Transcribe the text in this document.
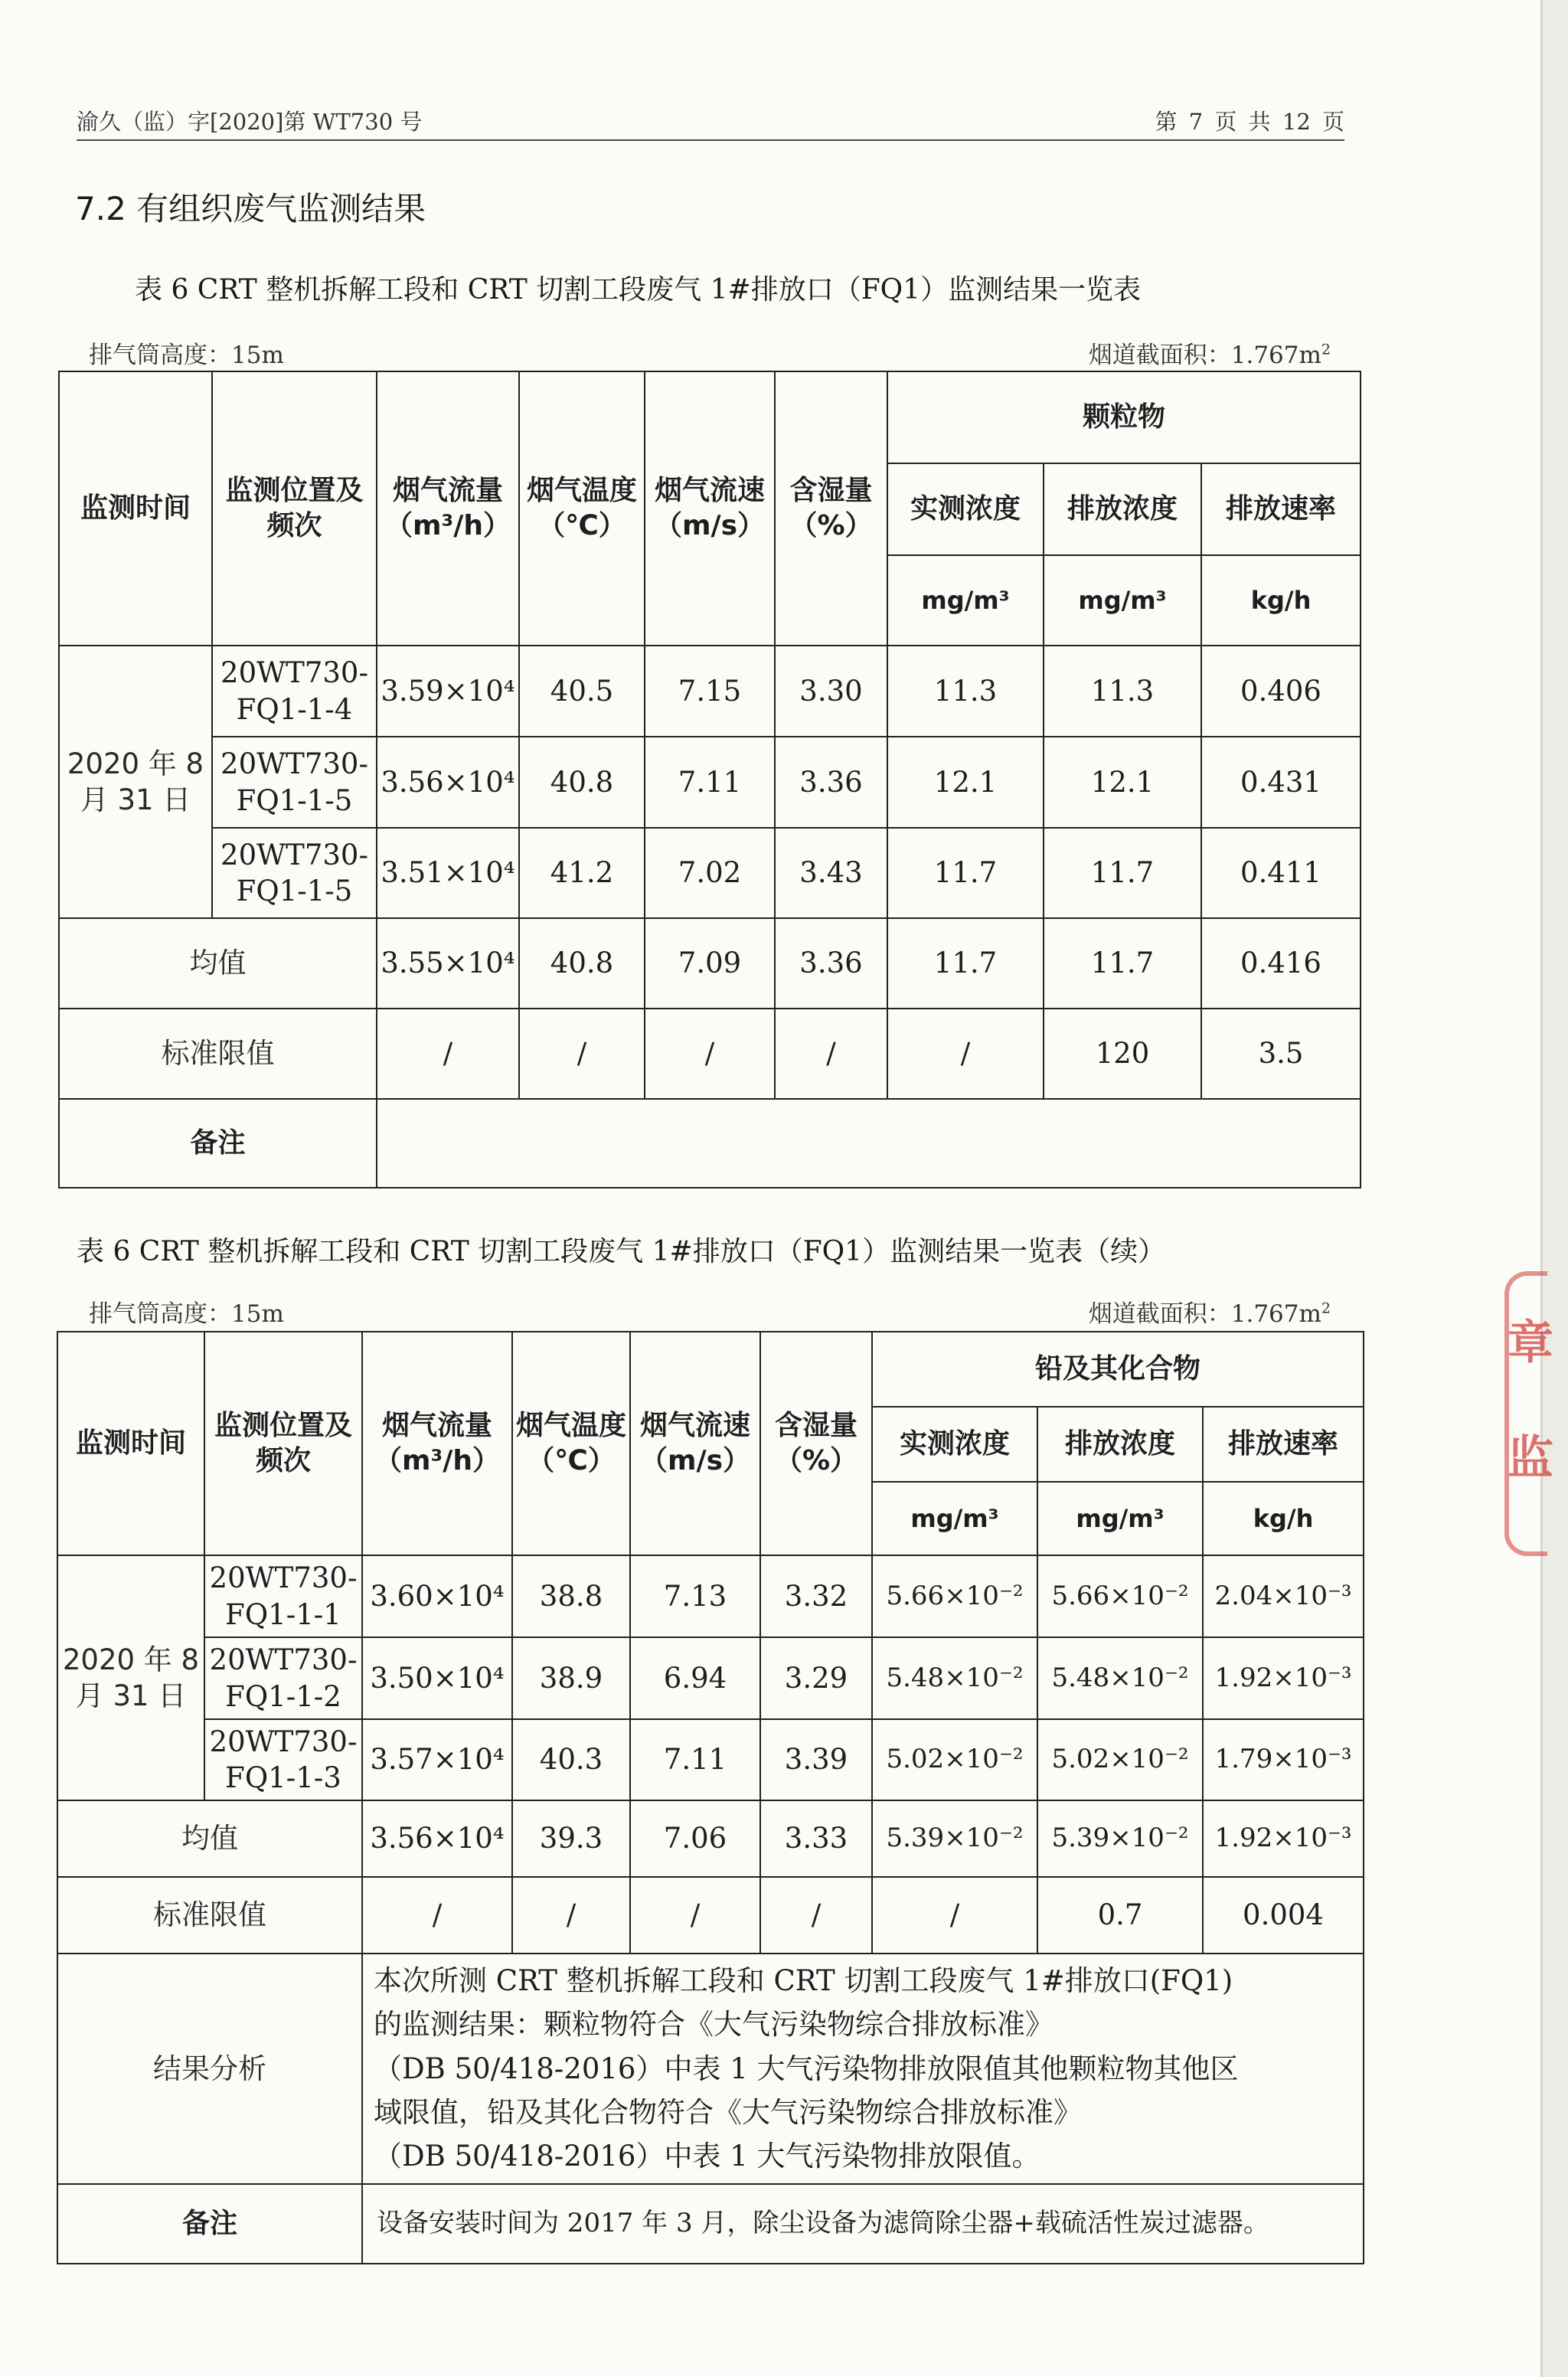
渝久（监）字[2020]第 WT730 号	第 7 页 共 12 页
7.2 有组织废气监测结果
表 6 CRT 整机拆解工段和 CRT 切割工段废气 1#排放口（FQ1）监测结果一览表
排气筒高度：15m	烟道截面积：$1.767m^2$
监测时间	监测位置及频次	烟气流量（m³/h）	烟气温度（℃）	烟气流速（m/s）	含湿量（%）	颗粒物		
						实测浓度	排放浓度	排放速率
						mg/m³	mg/m³	kg/h
2020 年 8 月 31 日	20WT730-FQ1-1-4	3.59×10⁴	40.5	7.15	3.30	11.3	11.3	0.406
	20WT730-FQ1-1-5	3.56×10⁴	40.8	7.11	3.36	12.1	12.1	0.431
	20WT730-FQ1-1-5	3.51×10⁴	41.2	7.02	3.43	11.7	11.7	0.411
均值		3.55×10⁴	40.8	7.09	3.36	11.7	11.7	0.416
标准限值		/	/	/	/	/	120	3.5
备注								
表 6 CRT 整机拆解工段和 CRT 切割工段废气 1#排放口（FQ1）监测结果一览表（续）
排气筒高度：15m	烟道截面积：$1.767m^2$
监测时间	监测位置及频次	烟气流量（m³/h）	烟气温度（℃）	烟气流速（m/s）	含湿量（%）	铅及其化合物		
						实测浓度	排放浓度	排放速率
						mg/m³	mg/m³	kg/h
2020 年 8 月 31 日	20WT730-FQ1-1-1	3.60×10⁴	38.8	7.13	3.32	5.66×10⁻²	5.66×10⁻²	2.04×10⁻³
	20WT730-FQ1-1-2	3.50×10⁴	38.9	6.94	3.29	5.48×10⁻²	5.48×10⁻²	1.92×10⁻³
	20WT730-FQ1-1-3	3.57×10⁴	40.3	7.11	3.39	5.02×10⁻²	5.02×10⁻²	1.79×10⁻³
均值		3.56×10⁴	39.3	7.06	3.33	5.39×10⁻²	5.39×10⁻²	1.92×10⁻³
标准限值		/	/	/	/	/	0.7	0.004
结果分析		本次所测 CRT 整机拆解工段和 CRT 切割工段废气 1#排放口(FQ1)
的监测结果：颗粒物符合《大气污染物综合排放标准》
（DB 50/418-2016）中表 1 大气污染物排放限值其他颗粒物其他区
域限值，铅及其化合物符合《大气污染物综合排放标准》
（DB 50/418-2016）中表 1 大气污染物排放限值。						

备注		设备安装时间为 2017 年 3 月，除尘设备为滤筒除尘器+载硫活性炭过滤器。						
章
监
